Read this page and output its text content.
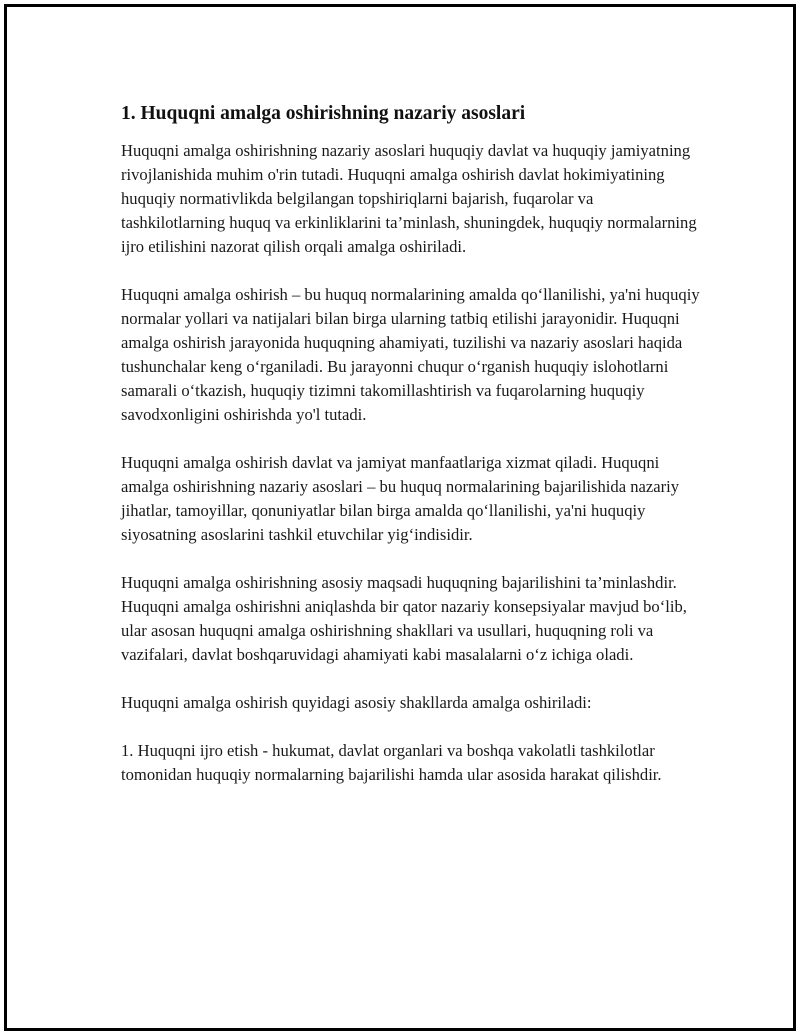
1. Huquqni amalga oshirishning nazariy asoslari

Huquqni amalga oshirishning nazariy asoslari huquqiy davlat va huquqiy jamiyatning rivojlanishida muhim o'rin tutadi. Huquqni amalga oshirish davlat hokimiyatining huquqiy normativlikda belgilangan topshiriqlarni bajarish, fuqarolar va tashkilotlarning huquq va erkinliklarini ta’minlash, shuningdek, huquqiy normalarning ijro etilishini nazorat qilish orqali amalga oshiriladi.

Huquqni amalga oshirish – bu huquq normalarining amalda qo‘llanilishi, ya'ni huquqiy normalar yollari va natijalari bilan birga ularning tatbiq etilishi jarayonidir. Huquqni amalga oshirish jarayonida huquqning ahamiyati, tuzilishi va nazariy asoslari haqida tushunchalar keng o‘rganiladi. Bu jarayonni chuqur o‘rganish huquqiy islohotlarni samarali o‘tkazish, huquqiy tizimni takomillashtirish va fuqarolarning huquqiy savodxonligini oshirishda yo'l tutadi.

Huquqni amalga oshirish davlat va jamiyat manfaatlariga xizmat qiladi. Huquqni amalga oshirishning nazariy asoslari – bu huquq normalarining bajarilishida nazariy jihatlar, tamoyillar, qonuniyatlar bilan birga amalda qo‘llanilishi, ya'ni huquqiy siyosatning asoslarini tashkil etuvchilar yig‘indisidir.

Huquqni amalga oshirishning asosiy maqsadi huquqning bajarilishini ta’minlashdir. Huquqni amalga oshirishni aniqlashda bir qator nazariy konsepsiyalar mavjud bo‘lib, ular asosan huquqni amalga oshirishning shakllari va usullari, huquqning roli va vazifalari, davlat boshqaruvidagi ahamiyati kabi masalalarni o‘z ichiga oladi.

Huquqni amalga oshirish quyidagi asosiy shakllarda amalga oshiriladi:

1. Huquqni ijro etish - hukumat, davlat organlari va boshqa vakolatli tashkilotlar tomonidan huquqiy normalarning bajarilishi hamda ular asosida harakat qilishdir.
